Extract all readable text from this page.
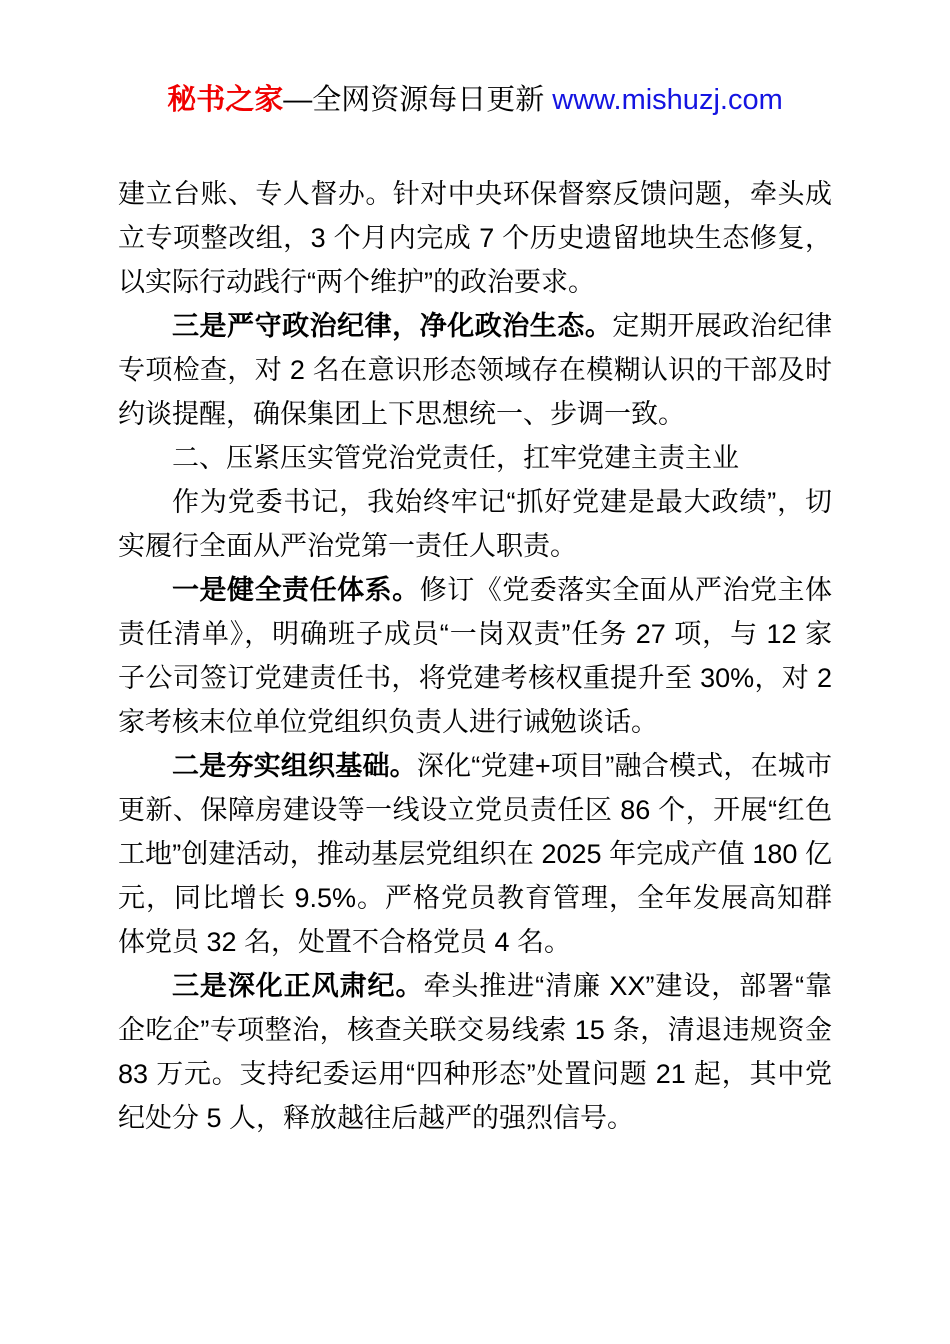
秘书之家—全网资源每日更新 www.mishuzj.com

建立台账、专人督办。针对中央环保督察反馈问题，牵头成立专项整改组，3 个月内完成 7 个历史遗留地块生态修复，以实际行动践行“两个维护”的政治要求。

三是严守政治纪律，净化政治生态。定期开展政治纪律专项检查，对 2 名在意识形态领域存在模糊认识的干部及时约谈提醒，确保集团上下思想统一、步调一致。

二、压紧压实管党治党责任，扛牢党建主责主业

作为党委书记，我始终牢记“抓好党建是最大政绩”，切实履行全面从严治党第一责任人职责。

一是健全责任体系。修订《党委落实全面从严治党主体责任清单》，明确班子成员“一岗双责”任务 27 项，与 12 家子公司签订党建责任书，将党建考核权重提升至 30%，对 2 家考核末位单位党组织负责人进行诫勉谈话。

二是夯实组织基础。深化“党建+项目”融合模式，在城市更新、保障房建设等一线设立党员责任区 86 个，开展“红色工地”创建活动，推动基层党组织在 2025 年完成产值 180 亿元，同比增长 9.5%。严格党员教育管理，全年发展高知群体党员 32 名，处置不合格党员 4 名。

三是深化正风肃纪。牵头推进“清廉 XX”建设，部署“靠企吃企”专项整治，核查关联交易线索 15 条，清退违规资金 83 万元。支持纪委运用“四种形态”处置问题 21 起，其中党纪处分 5 人，释放越往后越严的强烈信号。
